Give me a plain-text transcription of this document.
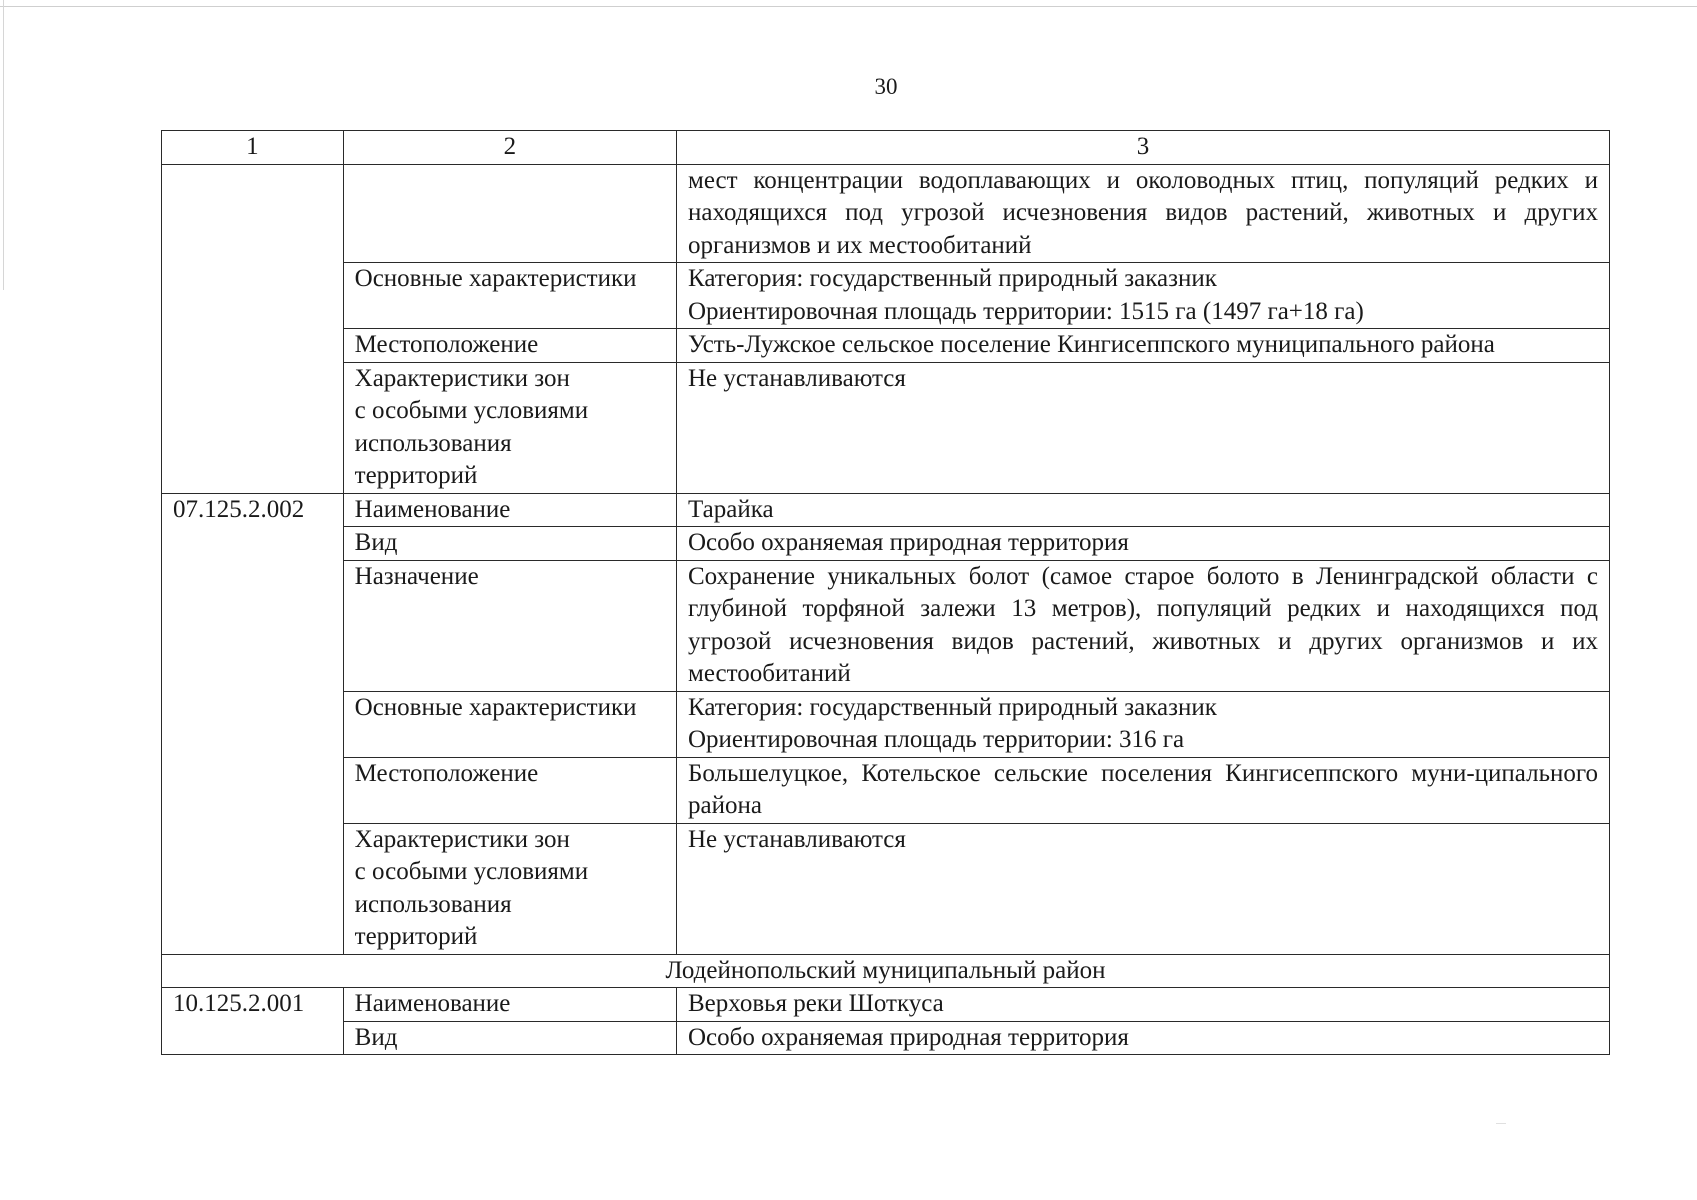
30
1	2	3
		мест концентрации водоплавающих и околоводных птиц, популяций редких и находящихся под угрозой исчезновения видов растений, животных и других организмов и их местообитаний
	Основные характеристики	Категория: государственный природный заказник
Ориентировочная площадь территории: 1515 га (1497 га+18 га)

	Местоположение	Усть-Лужское сельское поселение Кингисеппского муниципального района

	Характеристики зон
с особыми условиями
использования
территорий	Не устанавливаются
07.125.2.002	Наименование	Тарайка
	Вид	Особо охраняемая природная территория
	Назначение	Сохранение уникальных болот (самое старое болото в Ленинградской области с глубиной торфяной залежи 13 метров), популяций редких и находящихся под угрозой исчезновения видов растений, животных и других организмов и их местообитаний
	Основные характеристики	Категория: государственный природный заказник
Ориентировочная площадь территории: 316 га

	Местоположение	Большелуцкое, Котельское сельские поселения Кингисеппского муни-ципального района

	Характеристики зон
с особыми условиями
использования
территорий	Не устанавливаются
Лодейнопольский муниципальный район		
10.125.2.001	Наименование	Верховья реки Шоткуса
	Вид	Особо охраняемая природная территория
